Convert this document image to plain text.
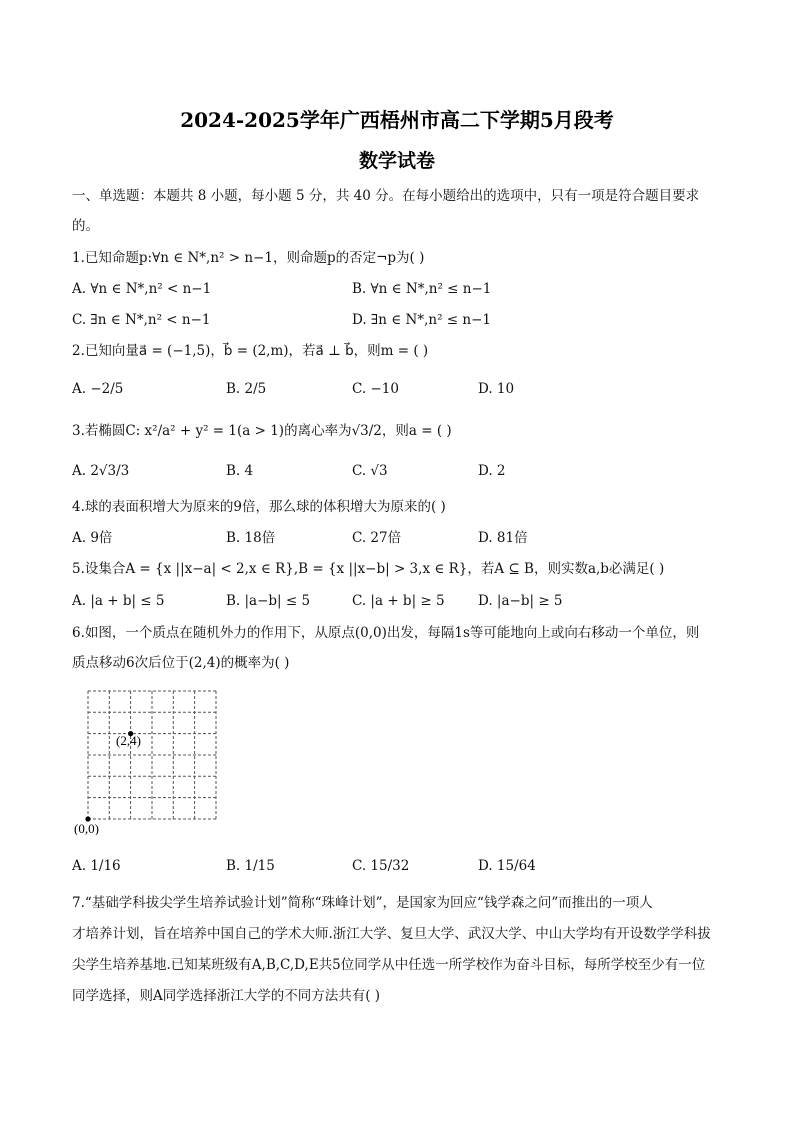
2024-2025学年广西梧州市高二下学期5月段考
数学试卷
一、单选题：本题共 8 小题，每小题 5 分，共 40 分。在每小题给出的选项中，只有一项是符合题目要求
的。
1.已知命题p:∀n ∈ N*,n² > n−1，则命题p的否定¬p为( )
A. ∀n ∈ N*,n² < n−1	B. ∀n ∈ N*,n² ≤ n−1
C. ∃n ∈ N*,n² < n−1	D. ∃n ∈ N*,n² ≤ n−1
2.已知向量a⃗ = (−1,5)，b⃗ = (2,m)，若a⃗ ⊥ b⃗，则m = ( )
A. −2/5	B. 2/5	C. −10	D. 10
3.若椭圆C: x²/a² + y² = 1(a > 1)的离心率为√3/2，则a = ( )
A. 2√3/3	B. 4	C. √3	D. 2
4.球的表面积增大为原来的9倍，那么球的体积增大为原来的( )
A. 9倍	B. 18倍	C. 27倍	D. 81倍
5.设集合A = {x ||x−a| < 2,x ∈ R},B = {x ||x−b| > 3,x ∈ R}，若A ⊆ B，则实数a,b必满足( )
A. |a + b| ≤ 5	B. |a−b| ≤ 5	C. |a + b| ≥ 5 D. |a−b| ≥ 5
6.如图，一个质点在随机外力的作用下，从原点(0,0)出发，每隔1s等可能地向上或向右移动一个单位，则
质点移动6次后位于(2,4)的概率为( )
(2,4)
(0,0)
A. 1/16	B. 1/15	C. 15/32	D. 15/64
7.“基础学科拔尖学生培养试验计划”简称“珠峰计划”，是国家为回应“钱学森之问”而推出的一项人
才培养计划，旨在培养中国自己的学术大师.浙江大学、复旦大学、武汉大学、中山大学均有开设数学学科拔
尖学生培养基地.已知某班级有A,B,C,D,E共5位同学从中任选一所学校作为奋斗目标，每所学校至少有一位
同学选择，则A同学选择浙江大学的不同方法共有( )
